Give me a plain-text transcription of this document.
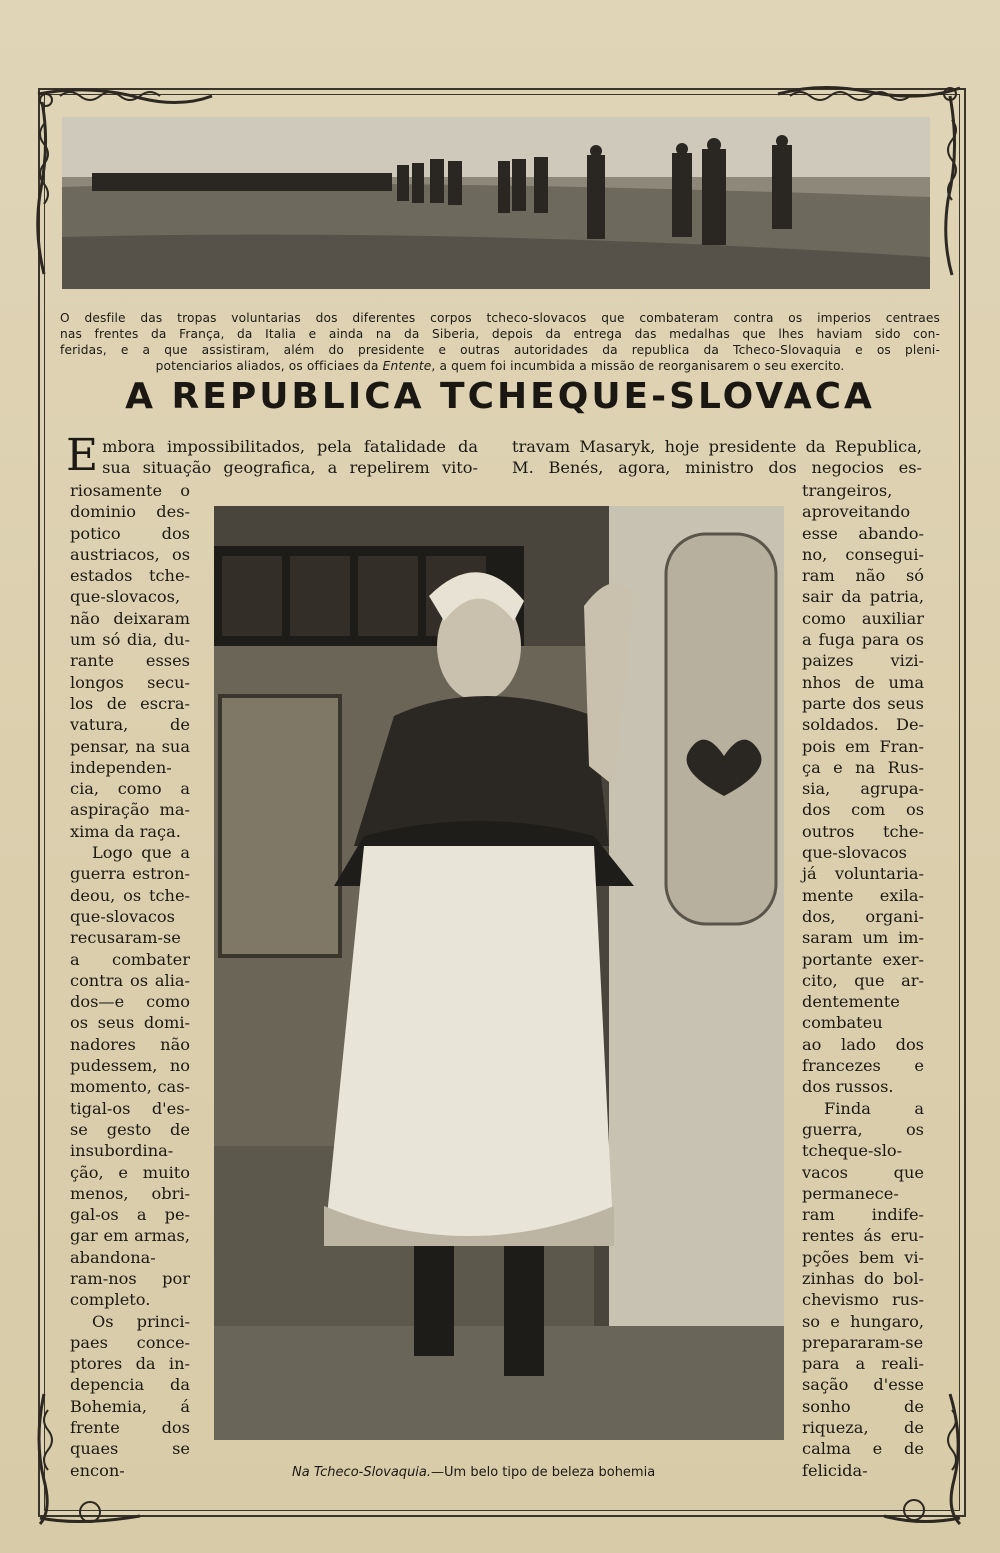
O desfile das tropas voluntarias dos diferentes corpos tcheco-slovacos que combateram contra os imperios centraes
nas frentes da França, da Italia e ainda na da Siberia, depois da entrega das medalhas que lhes haviam sido con-
feridas, e a que assistiram, além do presidente e outras autoridades da republica da Tcheco-Slovaquia e os pleni-
potenciarios aliados, os officiaes da Entente, a quem foi incumbida a missão de reorganisarem o seu exercito.
A REPUBLICA TCHEQUE-SLOVACA
E mbora impossibilitados, pela fatalidade da
sua situação geografica, a repelirem vito-
travam Masaryk, hoje presidente da Republica,
M. Benés, agora, ministro dos negocios es-
riosamente o
dominio des-
potico dos
austriacos, os
estados tche-
que-slovacos,
não deixaram
um só dia, du-
rante esses
longos secu-
los de escra-
vatura, de
pensar, na sua
independen-
cia, como a
aspiração ma-
xima da raça.
Logo que a
guerra estron-
deou, os tche-
que-slovacos
recusaram-se
a combater
contra os alia-
dos—e como
os seus domi-
nadores não
pudessem, no
momento, cas-
tigal-os d'es-
se gesto de
insubordina-
ção, e muito
menos, obri-
gal-os a pe-
gar em armas,
abandona-
ram-nos por
completo.
Os princi-
paes conce-
ptores da in-
depencia da
Bohemia, á
frente dos
quaes se
encon-
trangeiros,
aproveitando
esse abando-
no, consegui-
ram não só
sair da patria,
como auxiliar
a fuga para os
paizes vizi-
nhos de uma
parte dos seus
soldados. De-
pois em Fran-
ça e na Rus-
sia, agrupa-
dos com os
outros tche-
que-slovacos
já voluntaria-
mente exila-
dos, organi-
saram um im-
portante exer-
cito, que ar-
dentemente
combateu
ao lado dos
francezes e
dos russos.
Finda a
guerra, os
tcheque-slo-
vacos que
permanece-
ram indife-
rentes ás eru-
pções bem vi-
zinhas do bol-
chevismo rus-
so e hungaro,
prepararam-se
para a reali-
sação d'esse
sonho de
riqueza, de
calma e de
felicida-
Na Tcheco-Slovaquia.—Um belo tipo de beleza bohemia
